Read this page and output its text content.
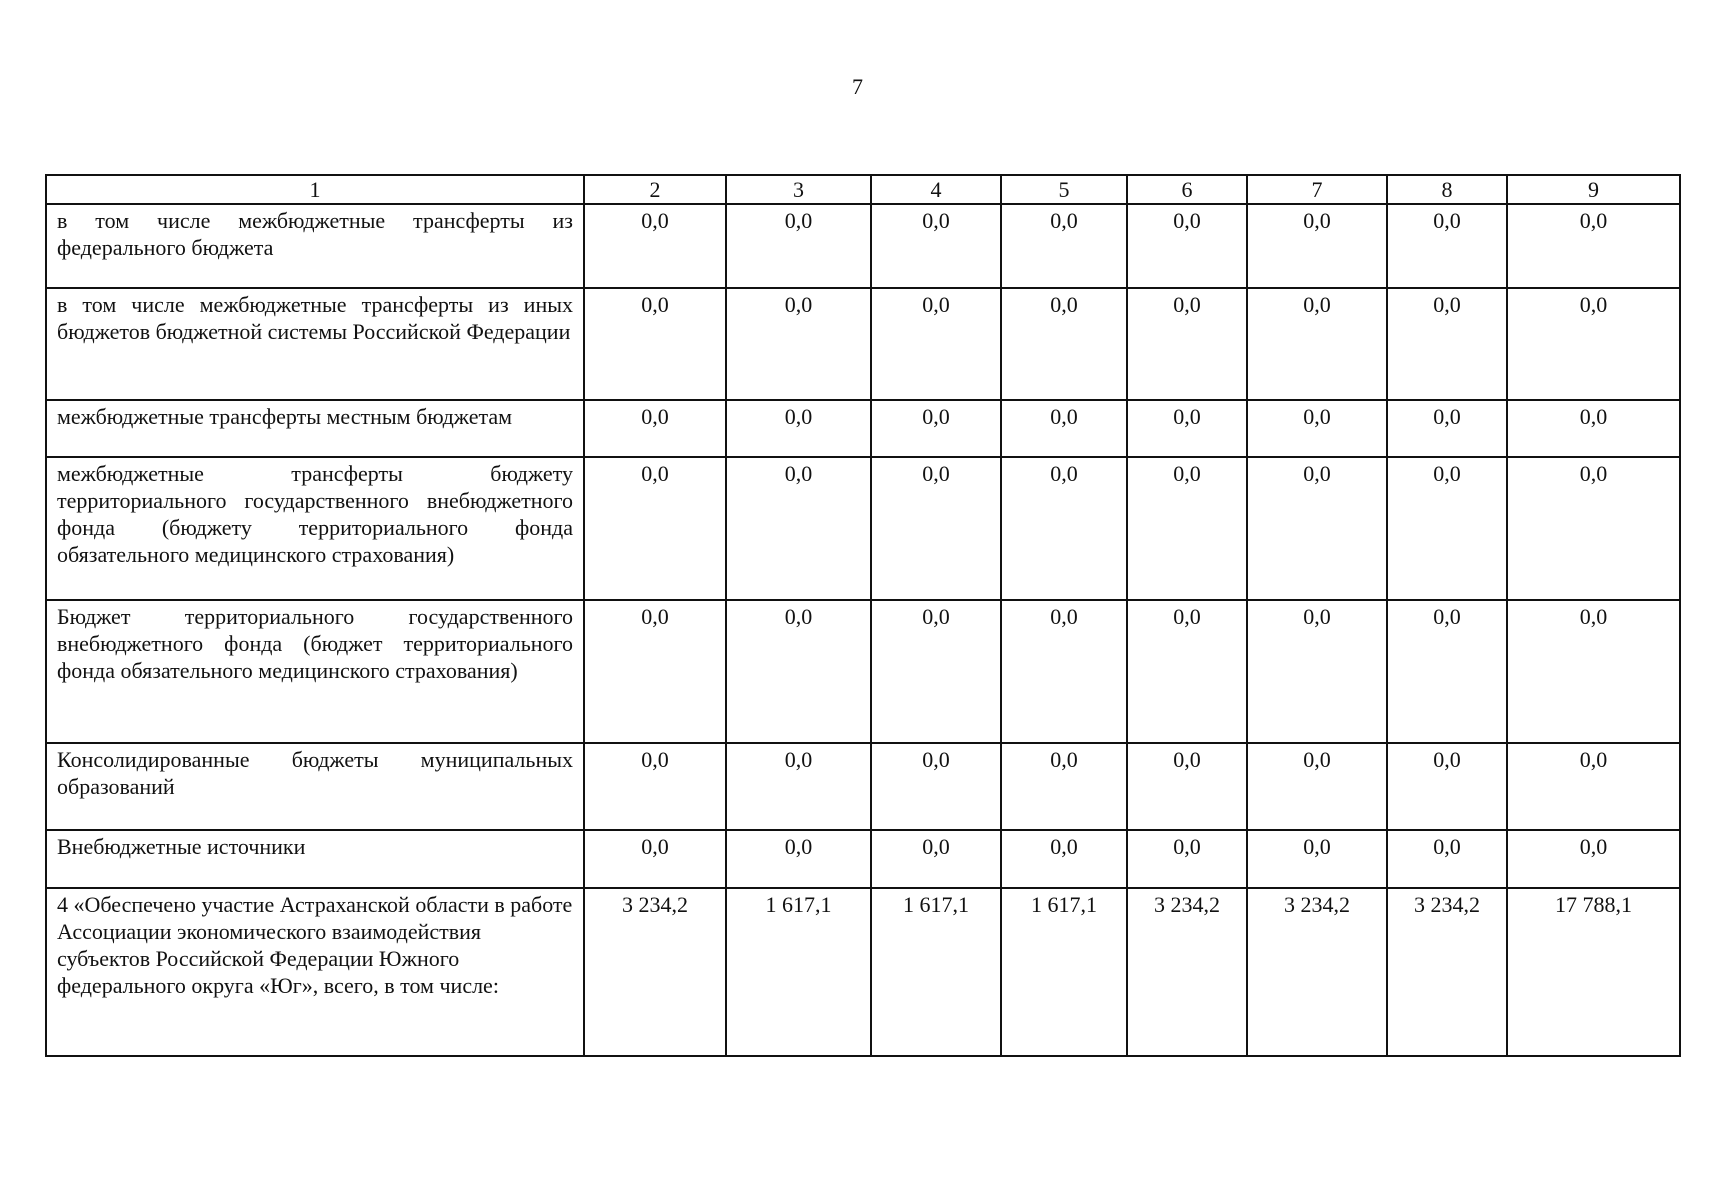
7
1	2	3	4	5	6	7	8	9
в том числе межбюджетные трансферты из федерального бюджета	0,0	0,0	0,0	0,0	0,0	0,0	0,0	0,0
в том числе межбюджетные трансферты из иных бюджетов бюджетной системы Российской Федерации	0,0	0,0	0,0	0,0	0,0	0,0	0,0	0,0
межбюджетные трансферты местным бюджетам	0,0	0,0	0,0	0,0	0,0	0,0	0,0	0,0
межбюджетные трансферты бюджету территориального государственного внебюджетного фонда (бюджету территориального фонда обязательного медицинского страхования)	0,0	0,0	0,0	0,0	0,0	0,0	0,0	0,0
Бюджет территориального государственного внебюджетного фонда (бюджет территориального фонда обязательного медицинского страхования)	0,0	0,0	0,0	0,0	0,0	0,0	0,0	0,0
Консолидированные бюджеты муниципальных образований	0,0	0,0	0,0	0,0	0,0	0,0	0,0	0,0
Внебюджетные источники	0,0	0,0	0,0	0,0	0,0	0,0	0,0	0,0
4 «Обеспечено участие Астраханской области в работе Ассоциации экономического взаимодействия субъектов Российской Федерации Южного федерального округа «Юг», всего, в том числе:	3 234,2	1 617,1	1 617,1	1 617,1	3 234,2	3 234,2	3 234,2	17 788,1
